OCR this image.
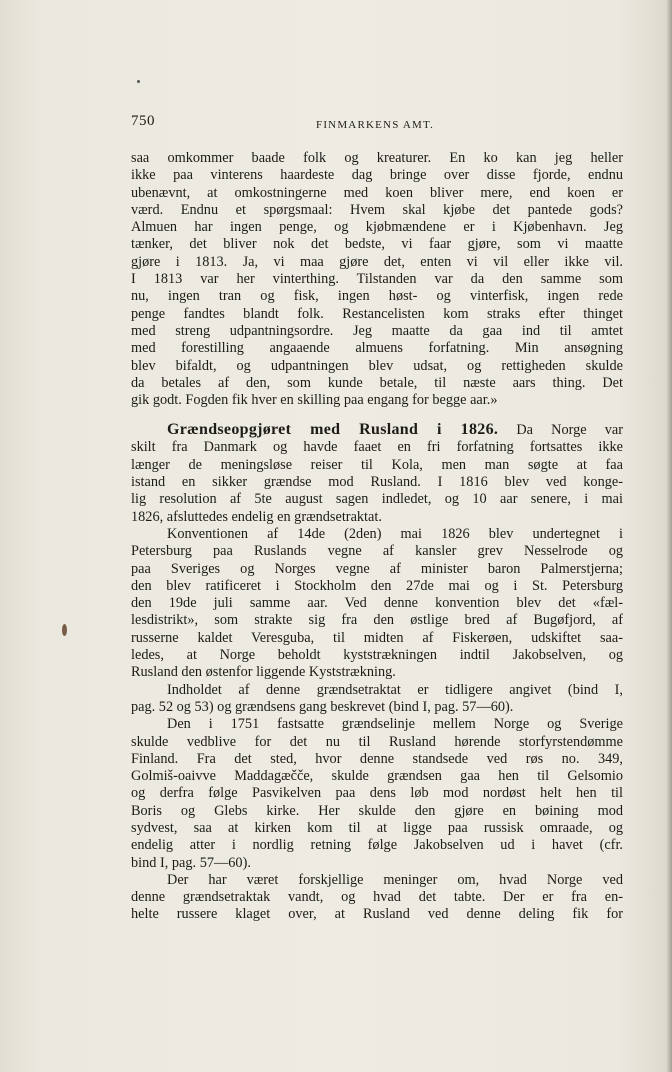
750	FINMARKENS AMT.
saa omkommer baade folk og kreaturer. En ko kan jeg heller
ikke paa vinterens haardeste dag bringe over disse fjorde, endnu
ubenævnt, at omkostningerne med koen bliver mere, end koen er
værd. Endnu et spørgsmaal: Hvem skal kjøbe det pantede gods?
Almuen har ingen penge, og kjøbmændene er i Kjøbenhavn. Jeg
tænker, det bliver nok det bedste, vi faar gjøre, som vi maatte
gjøre i 1813. Ja, vi maa gjøre det, enten vi vil eller ikke vil.
I 1813 var her vinterthing. Tilstanden var da den samme som
nu, ingen tran og fisk, ingen høst- og vinterfisk, ingen rede
penge fandtes blandt folk. Restancelisten kom straks efter thinget
med streng udpantningsordre. Jeg maatte da gaa ind til amtet
med forestilling angaaende almuens forfatning. Min ansøgning
blev bifaldt, og udpantningen blev udsat, og rettigheden skulde
da betales af den, som kunde betale, til næste aars thing. Det
gik godt. Fogden fik hver en skilling paa engang for begge aar.»
Grændseopgjøret med Rusland i 1826. Da Norge var
skilt fra Danmark og havde faaet en fri forfatning fortsattes ikke
længer de meningsløse reiser til Kola, men man søgte at faa
istand en sikker grændse mod Rusland. I 1816 blev ved konge-
lig resolution af 5te august sagen indledet, og 10 aar senere, i mai
1826, afsluttedes endelig en grændsetraktat.
Konventionen af 14de (2den) mai 1826 blev undertegnet i
Petersburg paa Ruslands vegne af kansler grev Nesselrode og
paa Sveriges og Norges vegne af minister baron Palmerstjerna;
den blev ratificeret i Stockholm den 27de mai og i St. Petersburg
den 19de juli samme aar. Ved denne konvention blev det «fæl-
lesdistrikt», som strakte sig fra den østlige bred af Bugøfjord, af
russerne kaldet Veresguba, til midten af Fiskerøen, udskiftet saa-
ledes, at Norge beholdt kyststrækningen indtil Jakobselven, og
Rusland den østenfor liggende Kyststrækning.
Indholdet af denne grændsetraktat er tidligere angivet (bind I,
pag. 52 og 53) og grændsens gang beskrevet (bind I, pag. 57—60).
Den i 1751 fastsatte grændselinje mellem Norge og Sverige
skulde vedblive for det nu til Rusland hørende storfyrstendømme
Finland. Fra det sted, hvor denne standsede ved røs no. 349,
Golmiš-oaivve Maddagæčče, skulde grændsen gaa hen til Gelsomio
og derfra følge Pasvikelven paa dens løb mod nordøst helt hen til
Boris og Glebs kirke. Her skulde den gjøre en bøining mod
sydvest, saa at kirken kom til at ligge paa russisk omraade, og
endelig atter i nordlig retning følge Jakobselven ud i havet (cfr.
bind I, pag. 57—60).
Der har været forskjellige meninger om, hvad Norge ved
denne grændsetraktak vandt, og hvad det tabte. Der er fra en-
helte russere klaget over, at Rusland ved denne deling fik for
